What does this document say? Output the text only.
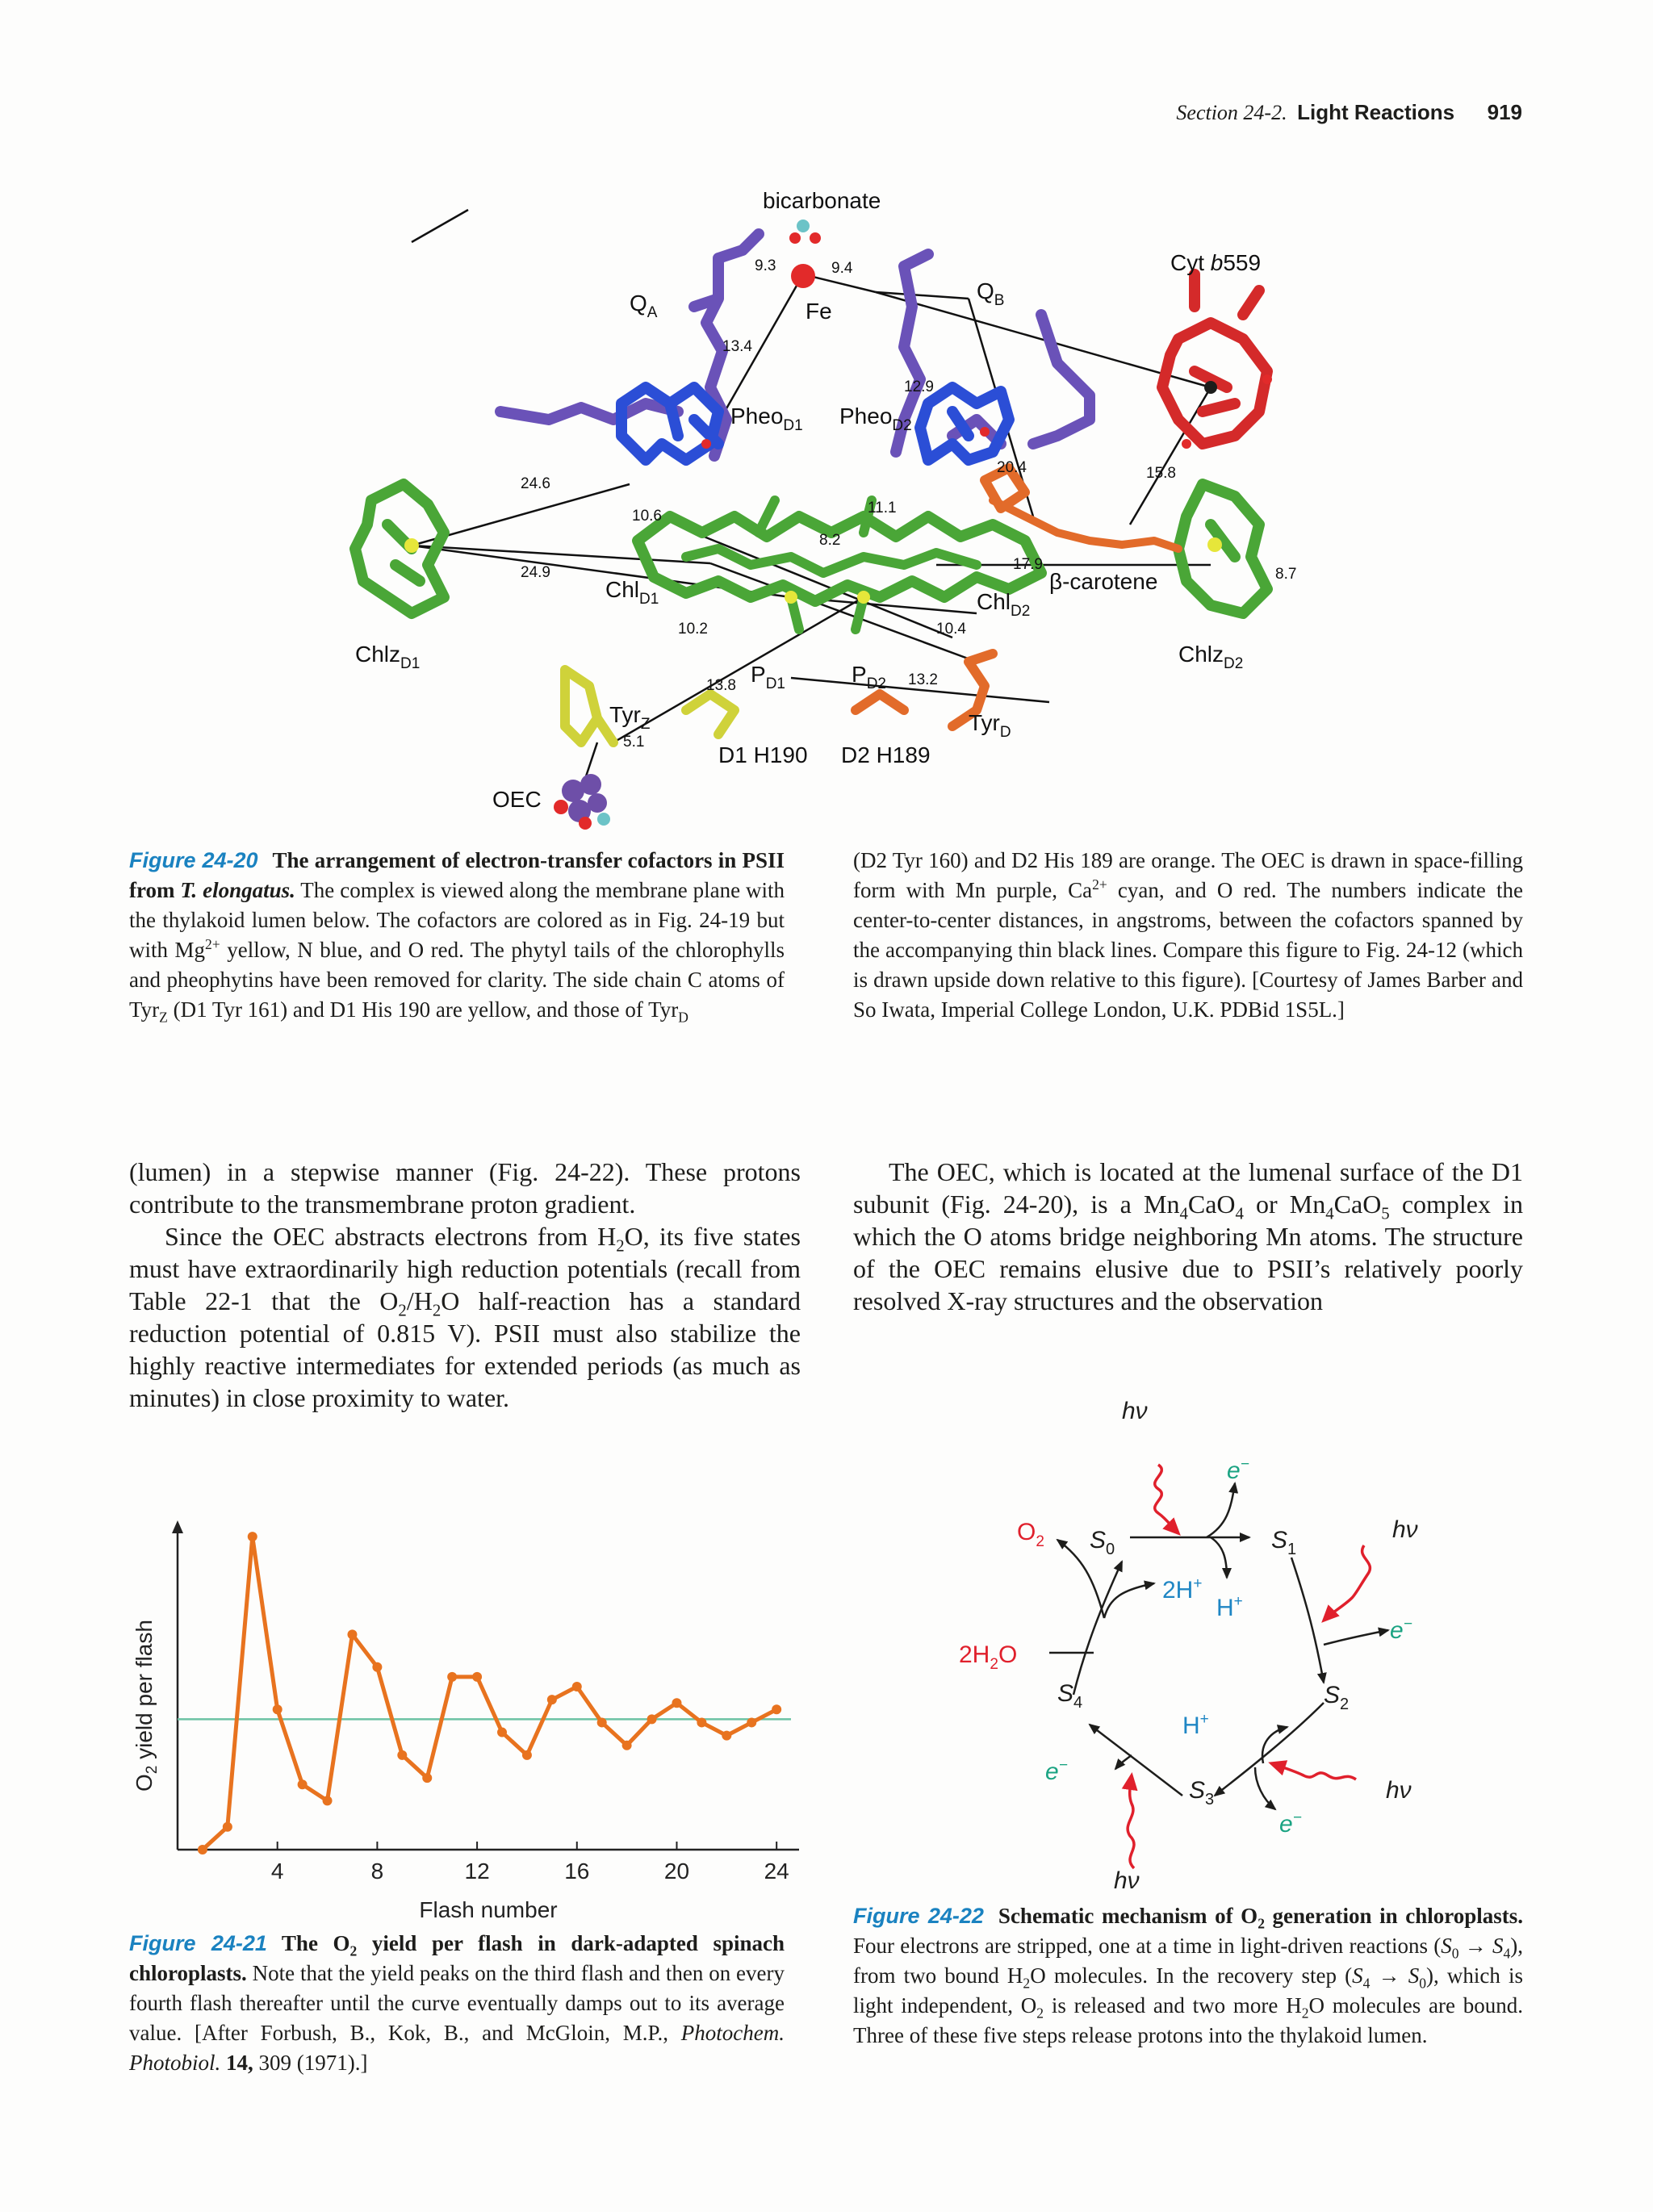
Section 24-2. Light Reactions 919
bicarbonate
Fe
$Q_A$
$Q_B$
Cyt b559
Pheo$_{D1}$ Pheo$_{D2}$
Chl$_{D1}$	Chl$_{D2}$
Chlz$_{D1}$	Chlz$_{D2}$
β-carotene
$P_{D1}$	$P_{D2}$
Tyr$_Z$	Tyr$_D$
D1 H190 D2 H189
OEC
9.3	9.4
13.4
12.9
24.6
20.4	15.8
11.1
10.6
8.2
24.9	17.9
8.7
10.2	10.4
13.8	13.2
5.1
Figure 24-20 The arrangement of electron-transfer cofactors in PSII from T. elongatus. The complex is viewed along the membrane plane with the thylakoid lumen below. The cofactors are colored as in Fig. 24-19 but with $Mg^{2+}$ yellow, N blue, and O red. The phytyl tails of the chlorophylls and pheophytins have been removed for clarity. The side chain C atoms of Tyr$_Z$ (D1 Tyr 161) and D1 His 190 are yellow, and those of Tyr$_D$
(D2 Tyr 160) and D2 His 189 are orange. The OEC is drawn in space-filling form with Mn purple, $Ca^{2+}$ cyan, and O red. The numbers indicate the center-to-center distances, in angstroms, between the cofactors spanned by the accompanying thin black lines. Compare this figure to Fig. 24-12 (which is drawn upside down relative to this figure). [Courtesy of James Barber and So Iwata, Imperial College London, U.K. PDBid 1S5L.]

(lumen) in a stepwise manner (Fig. 24-22). These protons contribute to the transmembrane proton gradient.

Since the OEC abstracts electrons from $H_2O$, its five states must have extraordinarily high reduction potentials (recall from Table 22-1 that the $O_2/H_2O$ half-reaction has a standard reduction potential of 0.815 V). PSII must also stabilize the highly reactive intermediates for extended periods (as much as minutes) in close proximity to water.

The OEC, which is located at the lumenal surface of the D1 subunit (Fig. 24-20), is a $Mn_4CaO_4$ or $Mn_4CaO_5$ complex in which the O atoms bridge neighboring Mn atoms. The structure of the OEC remains elusive due to PSII’s relatively poorly resolved X-ray structures and the observation

$O_2$ yield per flash
4	8	12	16	20	24
Flash number
Figure 24-21 The $O_2$ yield per flash in dark-adapted spinach chloroplasts. Note that the yield peaks on the third flash and then on every fourth flash thereafter until the curve eventually damps out to its average value. [After Forbush, B., Kok, B., and McGloin, M.P., Photochem. Photobiol. 14, 309 (1971).]
hν
hν
hν
hν
e−
e−
e−
e−
2H+
H+
H+
$O_2$
$2H_2O$
$S_0$	$S_1$
$S_2$
$S_3$
$S_4$
Figure 24-22 Schematic mechanism of $O_2$ generation in chloroplasts. Four electrons are stripped, one at a time in light-driven reactions $(S_0 \to S_4)$, from two bound $H_2O$ molecules. In the recovery step $(S_4 \to S_0)$, which is light independent, $O_2$ is released and two more $H_2O$ molecules are bound. Three of these five steps release protons into the thylakoid lumen.
